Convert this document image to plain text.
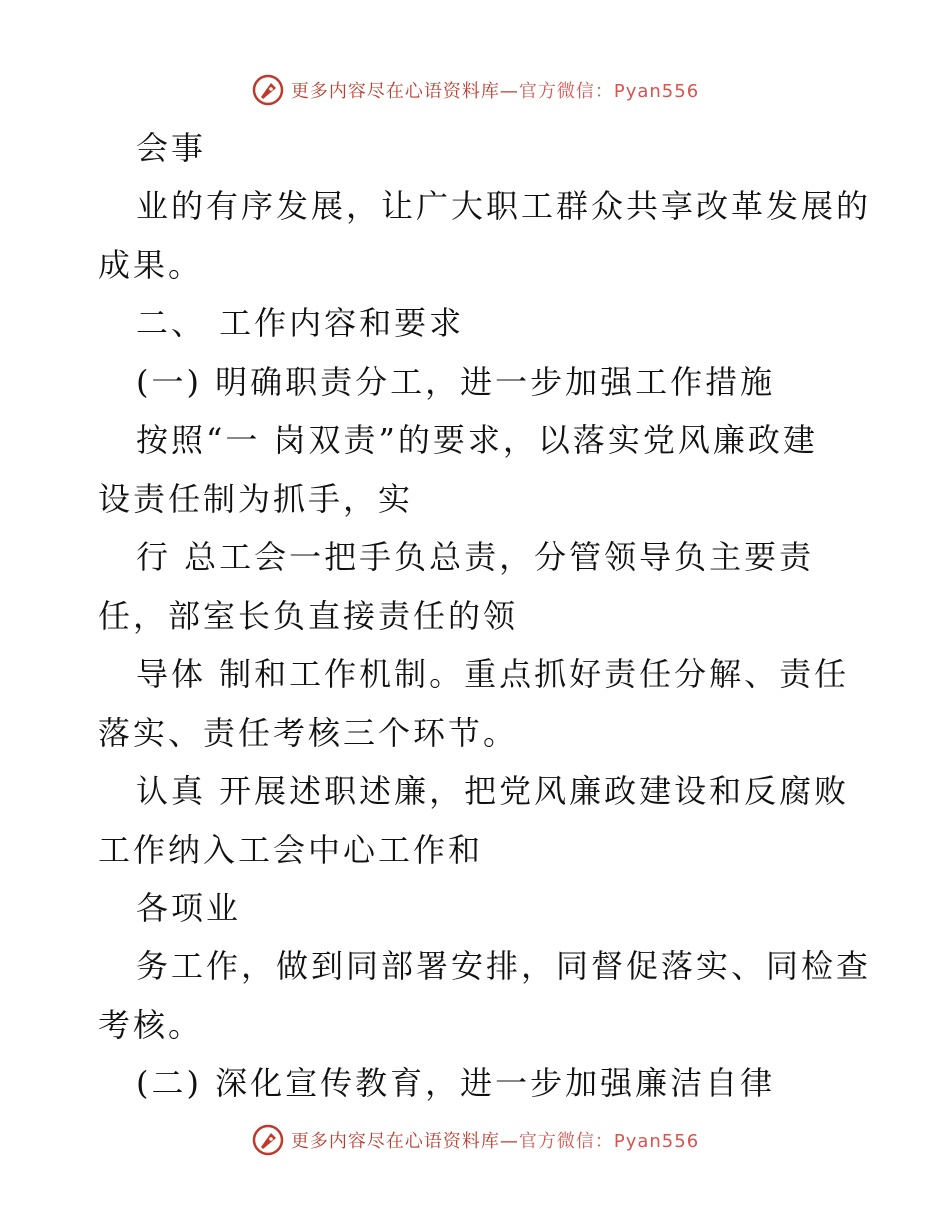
更多内容尽在心语资料库—官方微信：Pyan556
会事
业的有序发展，让广大职工群众共享改革发展的
成果。
二、 工作内容和要求
(一) 明确职责分工，进一步加强工作措施
按照“一 岗双责”的要求，以落实党风廉政建
设责任制为抓手，实
行 总工会一把手负总责，分管领导负主要责
任，部室长负直接责任的领
导体 制和工作机制。重点抓好责任分解、责任
落实、责任考核三个环节。
认真 开展述职述廉，把党风廉政建设和反腐败
工作纳入工会中心工作和
各项业
务工作，做到同部署安排，同督促落实、同检查
考核。
(二) 深化宣传教育，进一步加强廉洁自律
更多内容尽在心语资料库—官方微信：Pyan556
